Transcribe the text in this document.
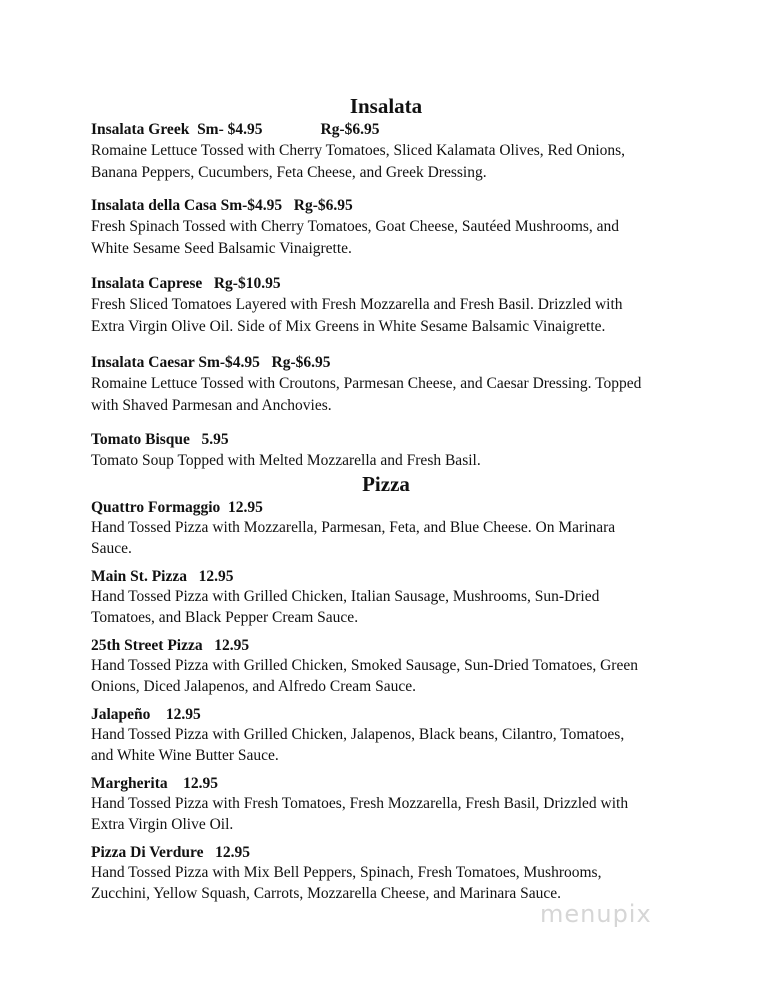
Insalata

Insalata Greek  Sm- $4.95	Rg-$6.95

Romaine Lettuce Tossed with Cherry Tomatoes, Sliced Kalamata Olives, Red Onions,
Banana Peppers, Cucumbers, Feta Cheese, and Greek Dressing.

Insalata della Casa Sm-$4.95   Rg-$6.95

Fresh Spinach Tossed with Cherry Tomatoes, Goat Cheese, Sautéed Mushrooms, and
White Sesame Seed Balsamic Vinaigrette.

Insalata Caprese   Rg-$10.95

Fresh Sliced Tomatoes Layered with Fresh Mozzarella and Fresh Basil. Drizzled with
Extra Virgin Olive Oil. Side of Mix Greens in White Sesame Balsamic Vinaigrette.

Insalata Caesar Sm-$4.95   Rg-$6.95

Romaine Lettuce Tossed with Croutons, Parmesan Cheese, and Caesar Dressing. Topped
with Shaved Parmesan and Anchovies.

Tomato Bisque   5.95

Tomato Soup Topped with Melted Mozzarella and Fresh Basil.

Pizza

Quattro Formaggio  12.95

Hand Tossed Pizza with Mozzarella, Parmesan, Feta, and Blue Cheese. On Marinara
Sauce.

Main St. Pizza   12.95

Hand Tossed Pizza with Grilled Chicken, Italian Sausage, Mushrooms, Sun-Dried
Tomatoes, and Black Pepper Cream Sauce.

25th Street Pizza   12.95

Hand Tossed Pizza with Grilled Chicken, Smoked Sausage, Sun-Dried Tomatoes, Green
Onions, Diced Jalapenos, and Alfredo Cream Sauce.

Jalapeño    12.95

Hand Tossed Pizza with Grilled Chicken, Jalapenos, Black beans, Cilantro, Tomatoes,
and White Wine Butter Sauce.

Margherita    12.95

Hand Tossed Pizza with Fresh Tomatoes, Fresh Mozzarella, Fresh Basil, Drizzled with
Extra Virgin Olive Oil.

Pizza Di Verdure   12.95

Hand Tossed Pizza with Mix Bell Peppers, Spinach, Fresh Tomatoes, Mushrooms,
Zucchini, Yellow Squash, Carrots, Mozzarella Cheese, and Marinara Sauce.

menupix
